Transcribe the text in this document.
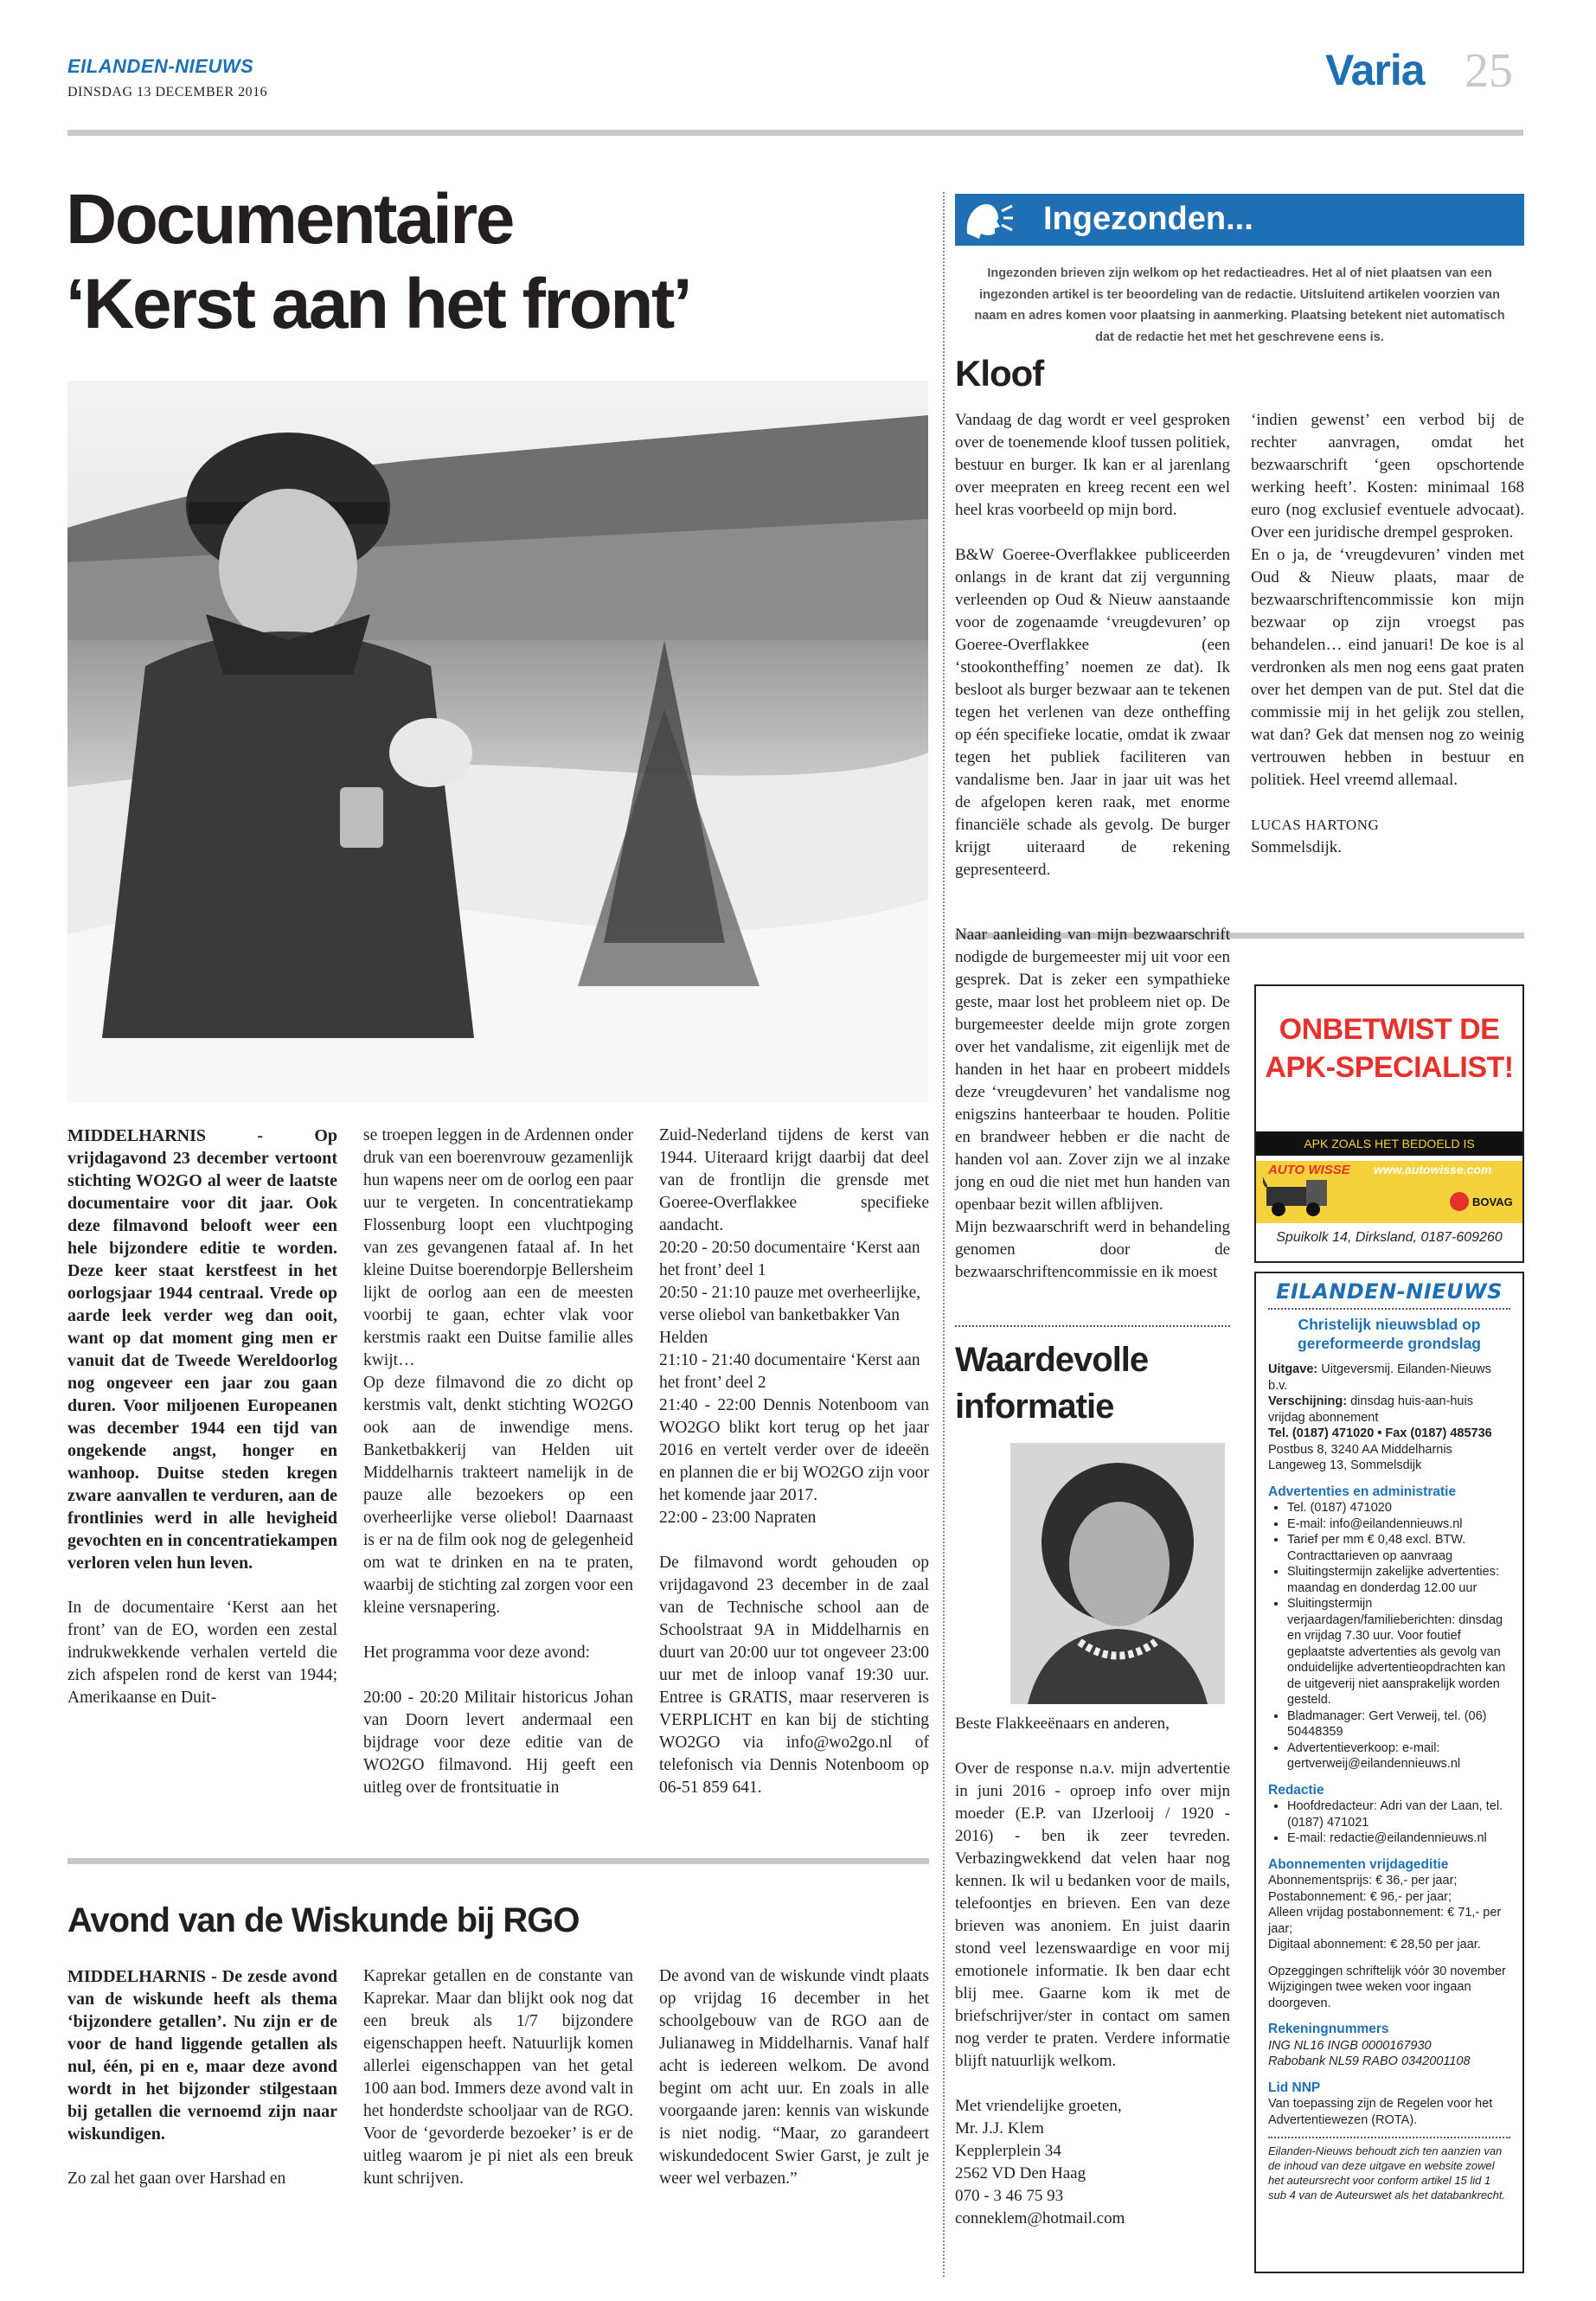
EILANDEN-NIEUWS
DINSDAG 13 DECEMBER 2016	Varia 25
Documentaire
‘Kerst aan het front’

MIDDELHARNIS - Op vrijdagavond 23 december vertoont stichting WO2GO al weer de laatste documentaire voor dit jaar. Ook deze filmavond belooft weer een hele bijzondere editie te worden. Deze keer staat kerstfeest in het oorlogsjaar 1944 centraal. Vrede op aarde leek verder weg dan ooit, want op dat moment ging men er vanuit dat de Tweede Wereldoorlog nog ongeveer een jaar zou gaan duren. Voor miljoenen Europeanen was december 1944 een tijd van ongekende angst, honger en wanhoop. Duitse steden kregen zware aanvallen te verduren, aan de frontlinies werd in alle hevigheid gevochten en in concentratiekampen verloren velen hun leven.

In de documentaire ‘Kerst aan het front’ van de EO, worden een zestal indrukwekkende verhalen verteld die zich afspelen rond de kerst van 1944; Amerikaanse en Duit-

se troepen leggen in de Ardennen onder druk van een boerenvrouw gezamenlijk hun wapens neer om de oorlog een paar uur te vergeten. In concentratiekamp Flossenburg loopt een vluchtpoging van zes gevangenen fataal af. In het kleine Duitse boerendorpje Bellersheim lijkt de oorlog aan een de meesten voorbij te gaan, echter vlak voor kerstmis raakt een Duitse familie alles kwijt…

Op deze filmavond die zo dicht op kerstmis valt, denkt stichting WO2GO ook aan de inwendige mens. Banketbakkerij van Helden uit Middelharnis trakteert namelijk in de pauze alle bezoekers op een overheerlijke verse oliebol! Daarnaast is er na de film ook nog de gelegenheid om wat te drinken en na te praten, waarbij de stichting zal zorgen voor een kleine versnapering.

Het programma voor deze avond:

20:00 - 20:20 Militair historicus Johan van Doorn levert andermaal een bijdrage voor deze editie van de WO2GO filmavond. Hij geeft een uitleg over de frontsituatie in

Zuid-Nederland tijdens de kerst van 1944. Uiteraard krijgt daarbij dat deel van de frontlijn die grensde met Goeree-Overflakkee specifieke aandacht.

20:20 - 20:50 documentaire ‘Kerst aan het front’ deel 1

20:50 - 21:10 pauze met overheerlijke, verse oliebol van banketbakker Van Helden

21:10 - 21:40 documentaire ‘Kerst aan het front’ deel 2

21:40 - 22:00 Dennis Notenboom van WO2GO blikt kort terug op het jaar 2016 en vertelt verder over de ideeën en plannen die er bij WO2GO zijn voor het komende jaar 2017.

22:00 - 23:00 Napraten

De filmavond wordt gehouden op vrijdagavond 23 december in de zaal van de Technische school aan de Schoolstraat 9A in Middelharnis en duurt van 20:00 uur tot ongeveer 23:00 uur met de inloop vanaf 19:30 uur. Entree is GRATIS, maar reserveren is VERPLICHT en kan bij de stichting WO2GO via info@wo2go.nl of telefonisch via Dennis Notenboom op 06-51 859 641.

Avond van de Wiskunde bij RGO

MIDDELHARNIS - De zesde avond van de wiskunde heeft als thema ‘bijzondere getallen’. Nu zijn er de voor de hand liggende getallen als nul, één, pi en e, maar deze avond wordt in het bijzonder stilgestaan bij getallen die vernoemd zijn naar wiskundigen.

Zo zal het gaan over Harshad en

Kaprekar getallen en de constante van Kaprekar. Maar dan blijkt ook nog dat een breuk als 1/7 bijzondere eigenschappen heeft. Natuurlijk komen allerlei eigenschappen van het getal 100 aan bod. Immers deze avond valt in het honderdste schooljaar van de RGO. Voor de ‘gevorderde bezoeker’ is er de uitleg waarom je pi niet als een breuk kunt schrijven.

De avond van de wiskunde vindt plaats op vrijdag 16 december in het schoolgebouw van de RGO aan de Julianaweg in Middelharnis. Vanaf half acht is iedereen welkom. De avond begint om acht uur. En zoals in alle voorgaande jaren: kennis van wiskunde is niet nodig. “Maar, zo garandeert wiskundedocent Swier Garst, je zult je weer wel verbazen.”

Ingezonden...
Ingezonden brieven zijn welkom op het redactieadres. Het al of niet plaatsen van een
ingezonden artikel is ter beoordeling van de redactie. Uitsluitend artikelen voorzien van
naam en adres komen voor plaatsing in aanmerking. Plaatsing betekent niet automatisch
dat de redactie het met het geschrevene eens is.
Kloof

Vandaag de dag wordt er veel gesproken over de toenemende kloof tussen politiek, bestuur en burger. Ik kan er al jarenlang over meepraten en kreeg recent een wel heel kras voorbeeld op mijn bord.

B&W Goeree-Overflakkee publiceerden onlangs in de krant dat zij vergunning verleenden op Oud & Nieuw aanstaande voor de zogenaamde ‘vreugdevuren’ op Goeree-Overflakkee (een ‘stookontheffing’ noemen ze dat). Ik besloot als burger bezwaar aan te tekenen tegen het verlenen van deze ontheffing op één specifieke locatie, omdat ik zwaar tegen het publiek faciliteren van vandalisme ben. Jaar in jaar uit was het de afgelopen keren raak, met enorme financiële schade als gevolg. De burger krijgt uiteraard de rekening gepresenteerd.

‘indien gewenst’ een verbod bij de rechter aanvragen, omdat het bezwaarschrift ‘geen opschortende werking heeft’. Kosten: minimaal 168 euro (nog exclusief eventuele advocaat). Over een juridische drempel gesproken.

En o ja, de ‘vreugdevuren’ vinden met Oud & Nieuw plaats, maar de bezwaarschriftencommissie kon mijn bezwaar op zijn vroegst pas behandelen… eind januari! De koe is al verdronken als men nog eens gaat praten over het dempen van de put. Stel dat die commissie mij in het gelijk zou stellen, wat dan? Gek dat mensen nog zo weinig vertrouwen hebben in bestuur en politiek. Heel vreemd allemaal.

LUCAS HARTONG

Sommelsdijk.

Naar aanleiding van mijn bezwaarschrift nodigde de burgemeester mij uit voor een gesprek. Dat is zeker een sympathieke geste, maar lost het probleem niet op. De burgemeester deelde mijn grote zorgen over het vandalisme, zit eigenlijk met de handen in het haar en probeert middels deze ‘vreugdevuren’ het vandalisme nog enigszins hanteerbaar te houden. Politie en brandweer hebben er die nacht de handen vol aan. Zover zijn we al inzake jong en oud die niet met hun handen van openbaar bezit willen afblijven.

Mijn bezwaarschrift werd in behandeling genomen door de bezwaarschriftencommissie en ik moest

Waardevolle
informatie

Beste Flakkeeënaars en anderen,

Over de response n.a.v. mijn advertentie in juni 2016 - oproep info over mijn moeder (E.P. van IJzerlooij / 1920 - 2016) - ben ik zeer tevreden. Verbazingwekkend dat velen haar nog kennen. Ik wil u bedanken voor de mails, telefoontjes en brieven. Een van deze brieven was anoniem. En juist daarin stond veel lezenswaardige en voor mij emotionele informatie. Ik ben daar echt blij mee. Gaarne kom ik met de briefschrijver/ster in contact om samen nog verder te praten. Verdere informatie blijft natuurlijk welkom.

Met vriendelijke groeten,

Mr. J.J. Klem
Kepplerplein 34
2562 VD Den Haag
070 - 3 46 75 93
conneklem@hotmail.com
ONBETWIST DE
APK-SPECIALIST!
APK ZOALS HET BEDOELD IS
AUTO WISSE www.autowisse.com
BOVAG
Spuikolk 14, Dirksland, 0187-609260
EILANDEN-NIEUWS
Christelijk nieuwsblad op
gereformeerde grondslag
Uitgave: Uitgeversmij. Eilanden-Nieuws b.v.
Verschijning: dinsdag huis-aan-huis vrijdag abonnement
Tel. (0187) 471020 • Fax (0187) 485736
Postbus 8, 3240 AA Middelharnis
Langeweg 13, Sommelsdijk
Advertenties en administratie
• Tel. (0187) 471020
• E-mail: info@eilandennieuws.nl
• Tarief per mm € 0,48 excl. BTW. Contracttarieven op aanvraag
• Sluitingstermijn zakelijke advertenties: maandag en donderdag 12.00 uur
• Sluitingstermijn verjaardagen/familieberichten: dinsdag en vrijdag 7.30 uur. Voor foutief geplaatste advertenties als gevolg van onduidelijke advertentieopdrachten kan de uitgeverij niet aansprakelijk worden gesteld.
• Bladmanager: Gert Verweij, tel. (06) 50448359
• Advertentieverkoop: e-mail: gertverweij@eilandennieuws.nl
Redactie
• Hoofdredacteur: Adri van der Laan, tel. (0187) 471021
• E-mail: redactie@eilandennieuws.nl
Abonnementen vrijdageditie
Abonnementsprijs: € 36,- per jaar;
Postabonnement: € 96,- per jaar;
Alleen vrijdag postabonnement: € 71,- per jaar;
Digitaal abonnement: € 28,50 per jaar.
Opzeggingen schriftelijk vóór 30 november Wijzigingen twee weken voor ingaan doorgeven.
Rekeningnummers
ING NL16 INGB 0000167930
Rabobank NL59 RABO 0342001108
Lid NNP
Van toepassing zijn de Regelen voor het Advertentiewezen (ROTA).
Eilanden-Nieuws behoudt zich ten aanzien van de inhoud van deze uitgave en website zowel het auteursrecht voor conform artikel 15 lid 1 sub 4 van de Auteurswet als het databankrecht.
